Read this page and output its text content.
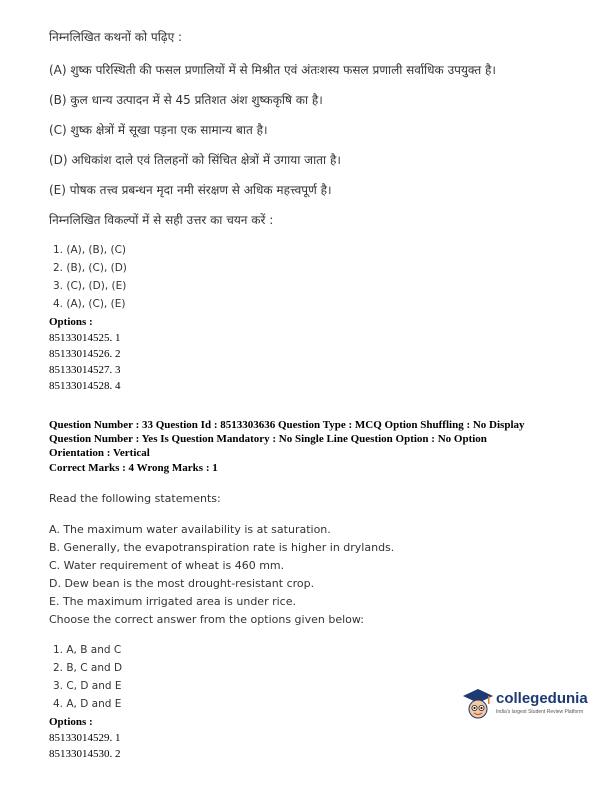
निम्नलिखित कथनों को पढ़िए :
(A) शुष्क परिस्थिती की फसल प्रणालियों में से मिश्रीत एवं अंतःशस्य फसल प्रणाली सर्वाधिक उपयुक्त है।
(B) कुल धान्य उत्पादन में से 45 प्रतिशत अंश शुष्ककृषि का है।
(C) शुष्क क्षेत्रों में सूखा पड़ना एक सामान्य बात है।
(D) अधिकांश दाले एवं तिलहनों को सिंचित क्षेत्रों में उगाया जाता है।
(E) पोषक तत्त्व प्रबन्धन मृदा नमी संरक्षण से अधिक महत्त्वपूर्ण है।
निम्नलिखित विकल्पों में से सही उत्तर का चयन करें :
1. (A), (B), (C)
2. (B), (C), (D)
3. (C), (D), (E)
4. (A), (C), (E)
Options :
85133014525. 1
85133014526. 2
85133014527. 3
85133014528. 4
Question Number : 33 Question Id : 8513303636 Question Type : MCQ Option Shuffling : No Display
Question Number : Yes Is Question Mandatory : No Single Line Question Option : No Option
Orientation : Vertical
Correct Marks : 4 Wrong Marks : 1
Read the following statements:
A. The maximum water availability is at saturation.
B. Generally, the evapotranspiration rate is higher in drylands.
C. Water requirement of wheat is 460 mm.
D. Dew bean is the most drought-resistant crop.
E. The maximum irrigated area is under rice.
Choose the correct answer from the options given below:
1. A, B and C
2. B, C and D
3. C, D and E
4. A, D and E
Options :
85133014529. 1
85133014530. 2
collegedunia
India's largest Student Review Platform
